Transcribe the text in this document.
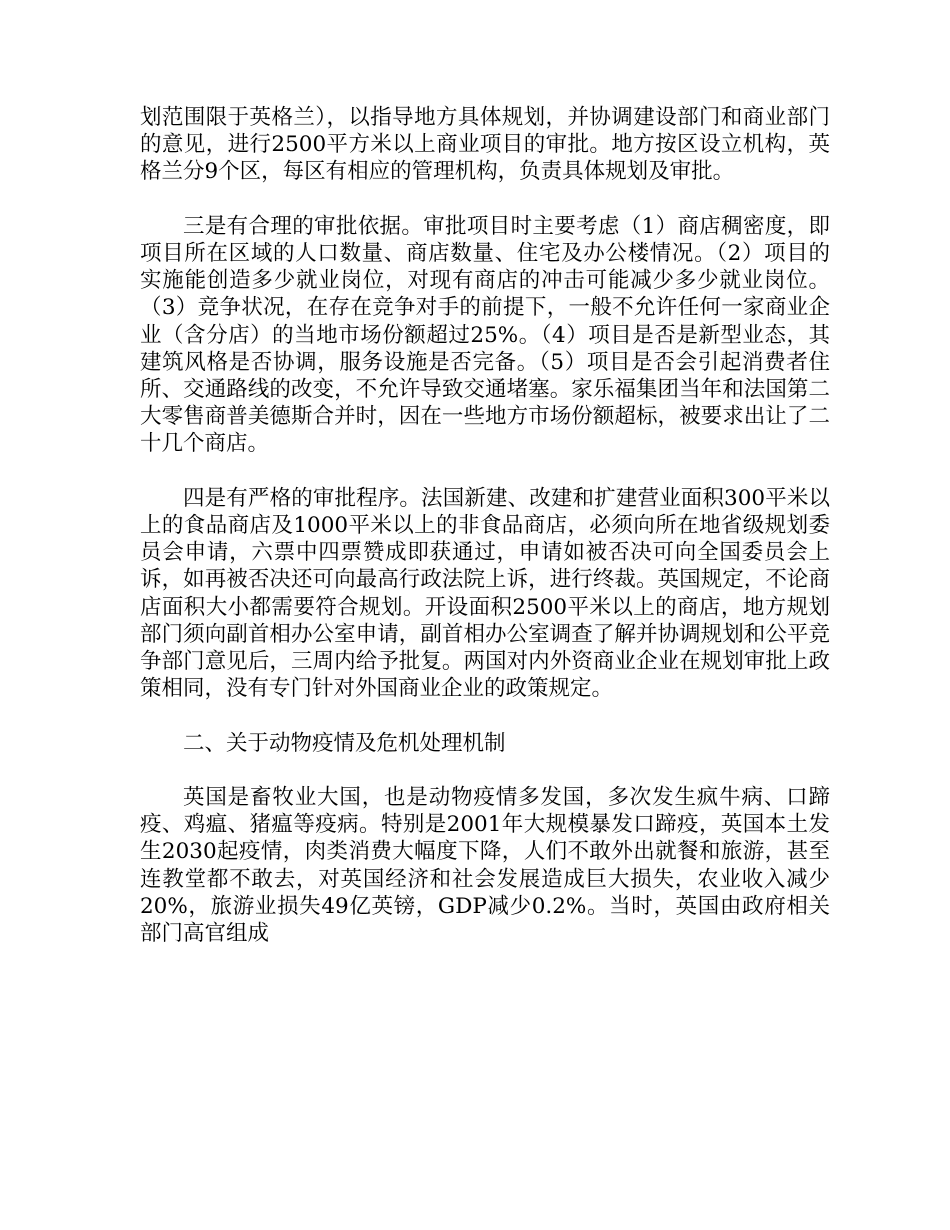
划范围限于英格兰），以指导地方具体规划，并协调建设部门和商业部门的意见，进行2500平方米以上商业项目的审批。地方按区设立机构，英格兰分9个区，每区有相应的管理机构，负责具体规划及审批。

三是有合理的审批依据。审批项目时主要考虑（1）商店稠密度，即项目所在区域的人口数量、商店数量、住宅及办公楼情况。（2）项目的实施能创造多少就业岗位，对现有商店的冲击可能减少多少就业岗位。（3）竞争状况，在存在竞争对手的前提下，一般不允许任何一家商业企业（含分店）的当地市场份额超过25%。（4）项目是否是新型业态，其建筑风格是否协调，服务设施是否完备。（5）项目是否会引起消费者住所、交通路线的改变，不允许导致交通堵塞。家乐福集团当年和法国第二大零售商普美德斯合并时，因在一些地方市场份额超标，被要求出让了二十几个商店。

四是有严格的审批程序。法国新建、改建和扩建营业面积300平米以上的食品商店及1000平米以上的非食品商店，必须向所在地省级规划委员会申请，六票中四票赞成即获通过，申请如被否决可向全国委员会上诉，如再被否决还可向最高行政法院上诉，进行终裁。英国规定，不论商店面积大小都需要符合规划。开设面积2500平米以上的商店，地方规划部门须向副首相办公室申请，副首相办公室调查了解并协调规划和公平竞争部门意见后，三周内给予批复。两国对内外资商业企业在规划审批上政策相同，没有专门针对外国商业企业的政策规定。

二、关于动物疫情及危机处理机制

英国是畜牧业大国，也是动物疫情多发国，多次发生疯牛病、口蹄疫、鸡瘟、猪瘟等疫病。特别是2001年大规模暴发口蹄疫，英国本土发生2030起疫情，肉类消费大幅度下降，人们不敢外出就餐和旅游，甚至连教堂都不敢去，对英国经济和社会发展造成巨大损失，农业收入减少20%，旅游业损失49亿英镑，GDP减少0.2%。当时，英国由政府相关部门高官组成
